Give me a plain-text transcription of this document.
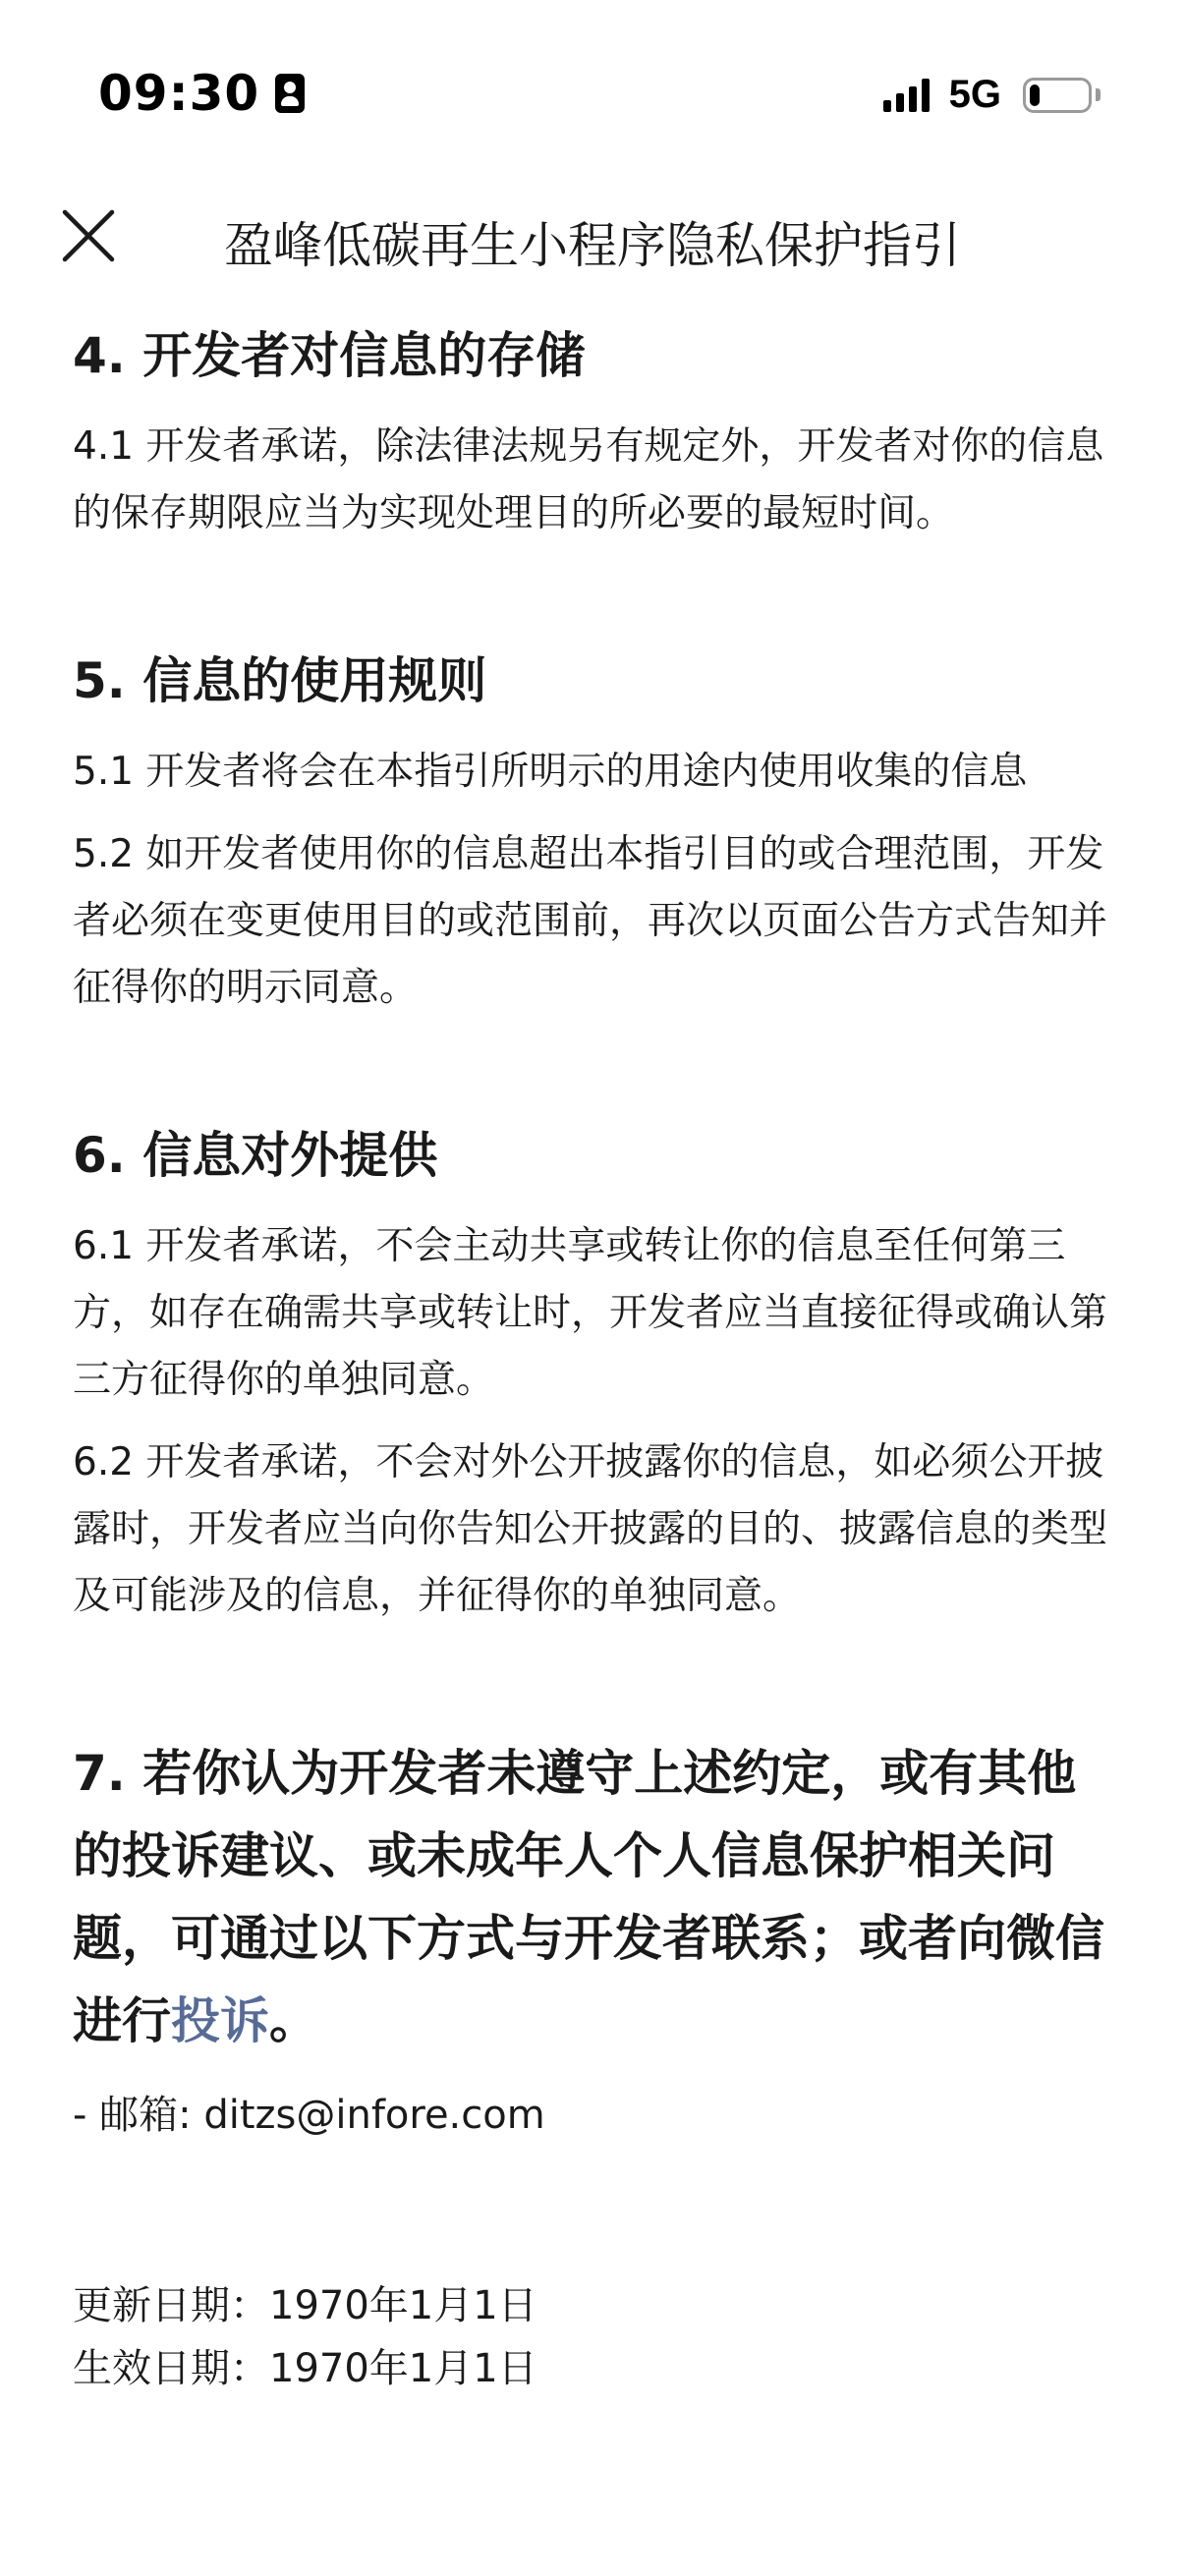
09:30	5G
盈峰低碳再生小程序隐私保护指引
4. 开发者对信息的存储

4.1 开发者承诺，除法律法规另有规定外，开发者对你的信息的保存期限应当为实现处理目的所必要的最短时间。

5. 信息的使用规则

5.1 开发者将会在本指引所明示的用途内使用收集的信息

5.2 如开发者使用你的信息超出本指引目的或合理范围，开发者必须在变更使用目的或范围前，再次以页面公告方式告知并征得你的明示同意。

6. 信息对外提供

6.1 开发者承诺，不会主动共享或转让你的信息至任何第三方，如存在确需共享或转让时，开发者应当直接征得或确认第三方征得你的单独同意。

6.2 开发者承诺，不会对外公开披露你的信息，如必须公开披露时，开发者应当向你告知公开披露的目的、披露信息的类型及可能涉及的信息，并征得你的单独同意。

7. 若你认为开发者未遵守上述约定，或有其他的投诉建议、或未成年人个人信息保护相关问题，可通过以下方式与开发者联系；或者向微信进行投诉。

- 邮箱: ditzs@infore.com

更新日期：1970年1月1日

生效日期：1970年1月1日
